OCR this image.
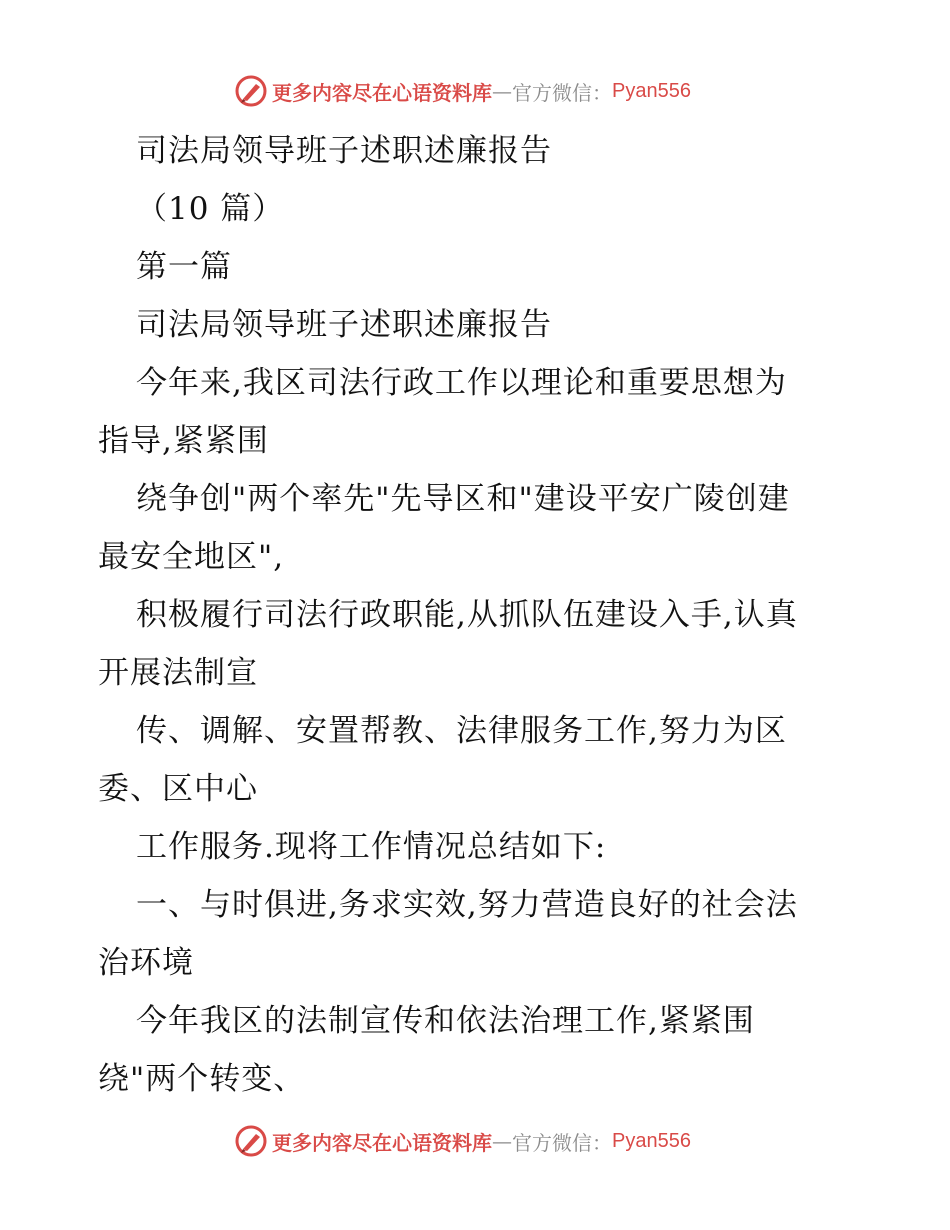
更多内容尽在心语资料库 — 官方微信： Pyan556
司法局领导班子述职述廉报告
（10 篇）
第一篇
司法局领导班子述职述廉报告
今年来,我区司法行政工作以理论和重要思想为
指导,紧紧围
绕争创"两个率先"先导区和"建设平安广陵创建
最安全地区",
积极履行司法行政职能,从抓队伍建设入手,认真
开展法制宣
传、调解、安置帮教、法律服务工作,努力为区
委、区中心
工作服务.现将工作情况总结如下:
一、与时俱进,务求实效,努力营造良好的社会法
治环境
今年我区的法制宣传和依法治理工作,紧紧围
绕"两个转变、
更多内容尽在心语资料库 — 官方微信： Pyan556
